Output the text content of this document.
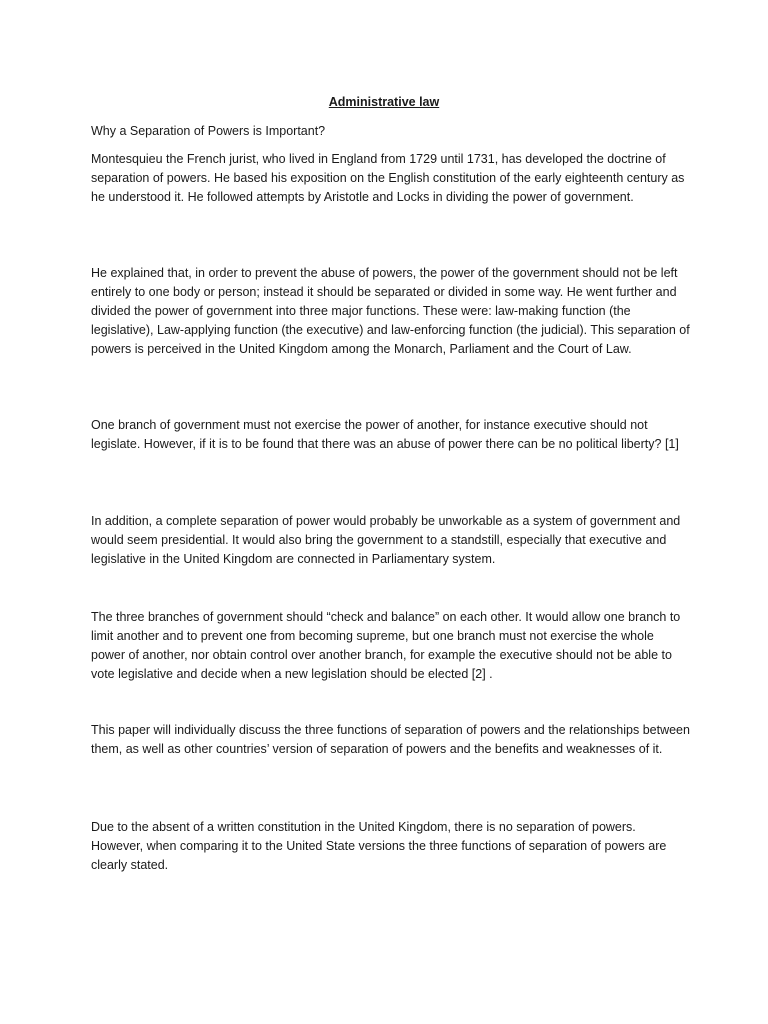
Administrative law

Why a Separation of Powers is Important?

Montesquieu the French jurist, who lived in England from 1729 until 1731, has developed the doctrine of separation of powers. He based his exposition on the English constitution of the early eighteenth century as he understood it. He followed attempts by Aristotle and Locks in dividing the power of government.

He explained that, in order to prevent the abuse of powers, the power of the government should not be left entirely to one body or person; instead it should be separated or divided in some way. He went further and divided the power of government into three major functions. These were: law-making function (the legislative), Law-applying function (the executive) and law-enforcing function (the judicial). This separation of powers is perceived in the United Kingdom among the Monarch, Parliament and the Court of Law.

One branch of government must not exercise the power of another, for instance executive should not legislate. However, if it is to be found that there was an abuse of power there can be no political liberty? [1]

In addition, a complete separation of power would probably be unworkable as a system of government and would seem presidential. It would also bring the government to a standstill, especially that executive and legislative in the United Kingdom are connected in Parliamentary system.

The three branches of government should “check and balance” on each other. It would allow one branch to limit another and to prevent one from becoming supreme, but one branch must not exercise the whole power of another, nor obtain control over another branch, for example the executive should not be able to vote legislative and decide when a new legislation should be elected [2] .

This paper will individually discuss the three functions of separation of powers and the relationships between them, as well as other countries’ version of separation of powers and the benefits and weaknesses of it.

Due to the absent of a written constitution in the United Kingdom, there is no separation of powers. However, when comparing it to the United State versions the three functions of separation of powers are clearly stated.
